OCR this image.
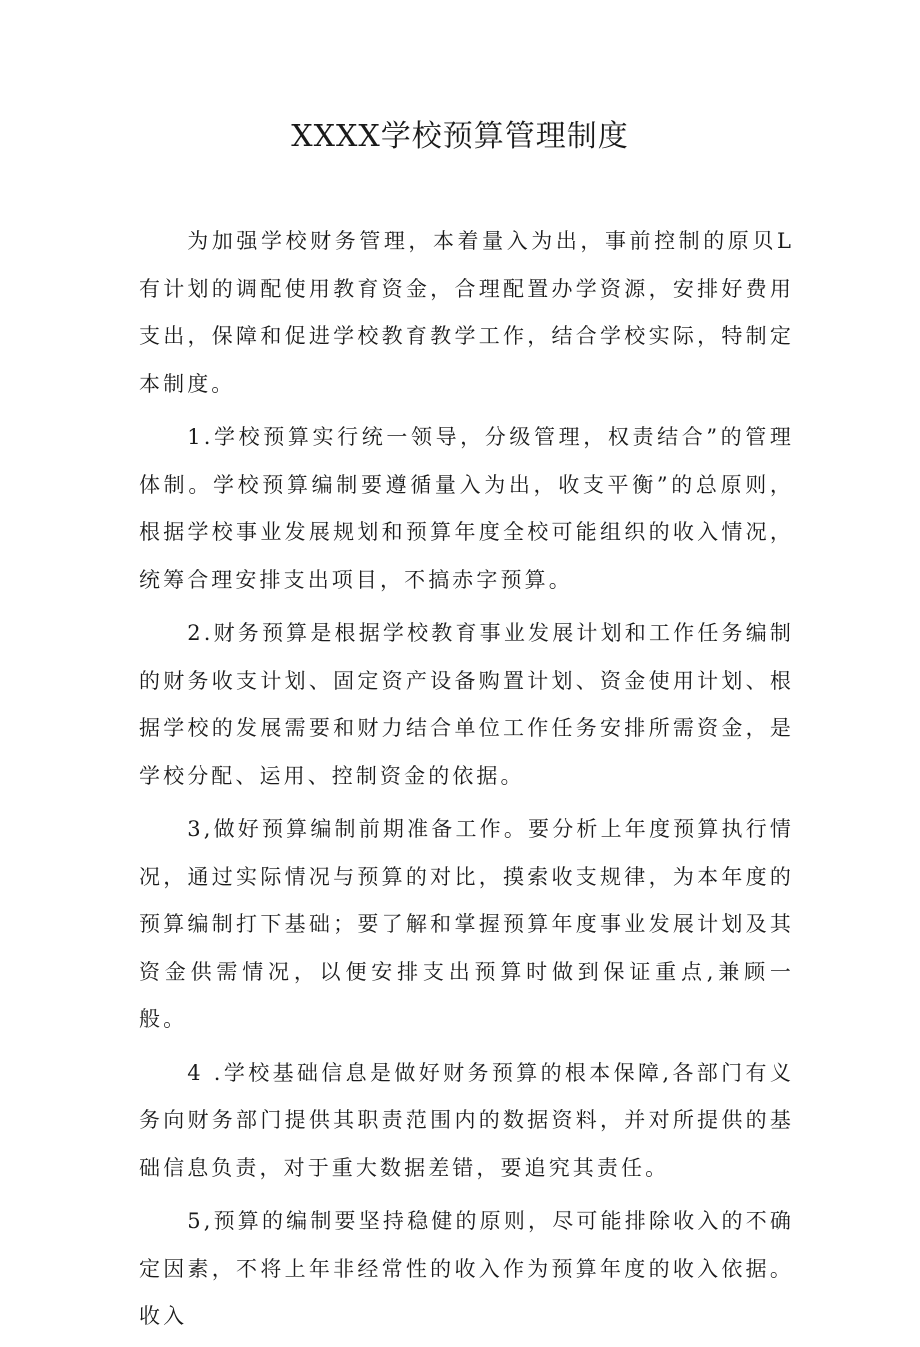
XXXX学校预算管理制度

为加强学校财务管理，本着量入为出，事前控制的原贝L有计划的调配使用教育资金，合理配置办学资源，安排好费用支出，保障和促进学校教育教学工作，结合学校实际，特制定本制度。

1.学校预算实行统一领导，分级管理，权责结合”的管理体制。学校预算编制要遵循量入为出，收支平衡”的总原则，根据学校事业发展规划和预算年度全校可能组织的收入情况，统筹合理安排支出项目，不搞赤字预算。

2.财务预算是根据学校教育事业发展计划和工作任务编制的财务收支计划、固定资产设备购置计划、资金使用计划、根据学校的发展需要和财力结合单位工作任务安排所需资金，是学校分配、运用、控制资金的依据。

3,做好预算编制前期准备工作。要分析上年度预算执行情况，通过实际情况与预算的对比，摸索收支规律，为本年度的预算编制打下基础；要了解和掌握预算年度事业发展计划及其资金供需情况，以便安排支出预算时做到保证重点,兼顾一般。

4 .学校基础信息是做好财务预算的根本保障,各部门有义务向财务部门提供其职责范围内的数据资料，并对所提供的基础信息负责，对于重大数据差错，要追究其责任。

5,预算的编制要坚持稳健的原则，尽可能排除收入的不确定因素，不将上年非经常性的收入作为预算年度的收入依据。收入
